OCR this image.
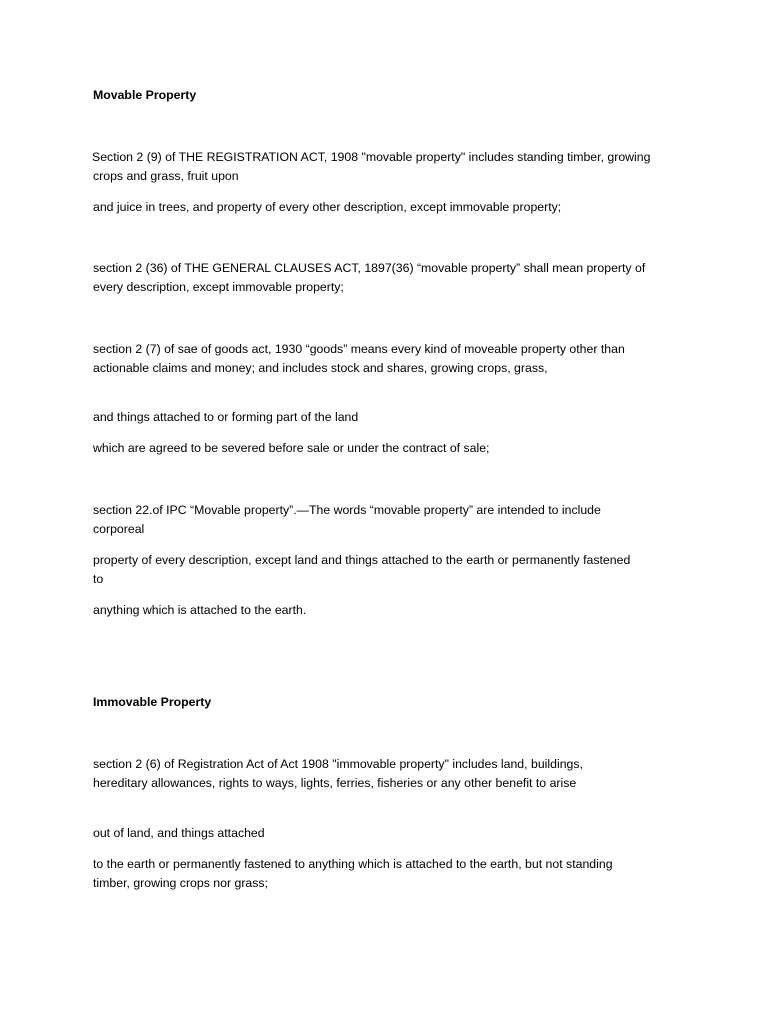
Movable Property
Section 2 (9) of THE REGISTRATION ACT, 1908 "movable property" includes standing timber, growing
crops and grass, fruit upon
and juice in trees, and property of every other description, except immovable property;
section 2 (36) of THE GENERAL CLAUSES ACT, 1897(36) “movable property” shall mean property of
every description, except immovable property;
section 2 (7) of sae of goods act, 1930 “goods” means every kind of moveable property other than
actionable claims and money; and includes stock and shares, growing crops, grass,
and things attached to or forming part of the land
which are agreed to be severed before sale or under the contract of sale;
section 22.of IPC “Movable property”.—The words “movable property” are intended to include
corporeal
property of every description, except land and things attached to the earth or permanently fastened
to
anything which is attached to the earth.
Immovable Property
section 2 (6) of Registration Act of Act 1908 "immovable property" includes land, buildings,
hereditary allowances, rights to ways, lights, ferries, fisheries or any other benefit to arise
out of land, and things attached
to the earth or permanently fastened to anything which is attached to the earth, but not standing
timber, growing crops nor grass;
